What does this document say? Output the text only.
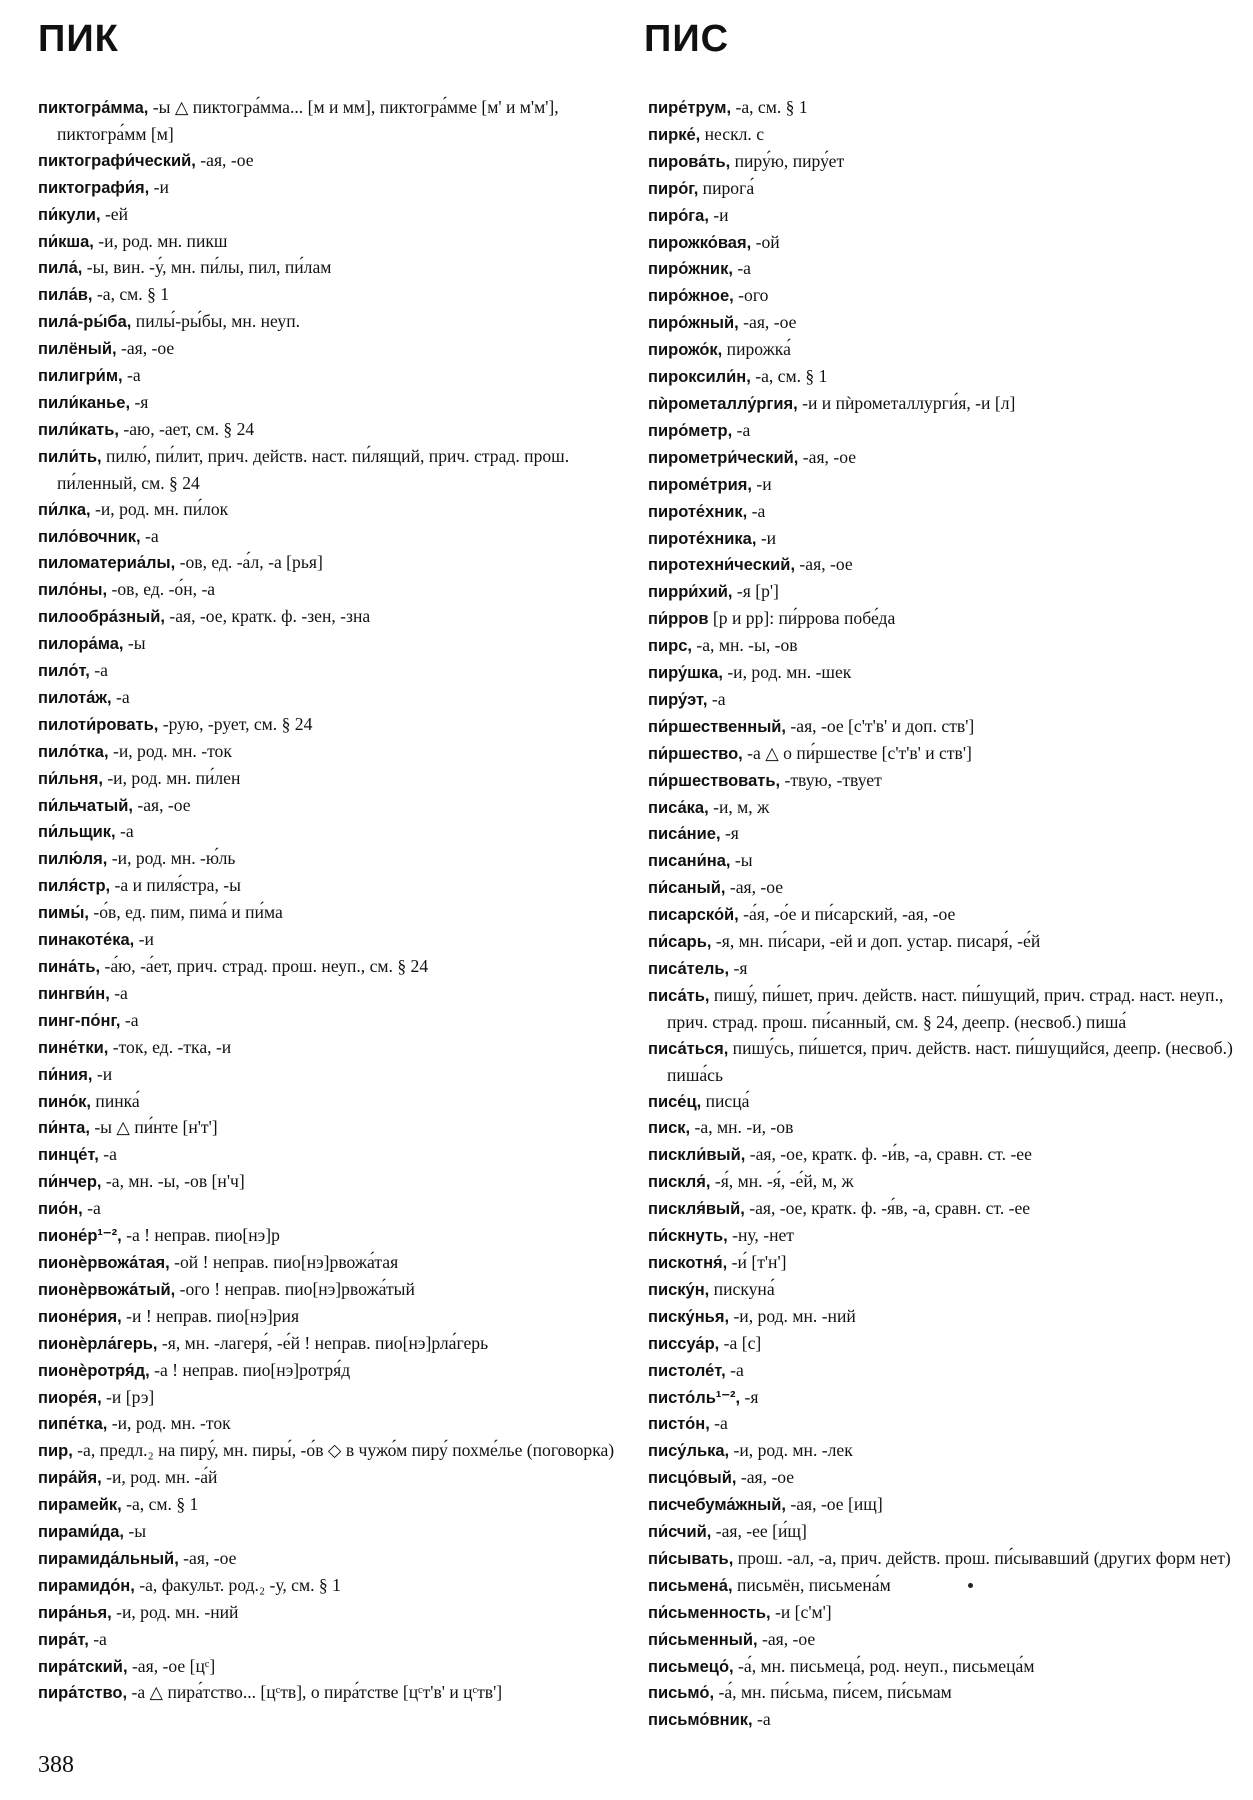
ПИК	ПИС
пиктогра́мма, -ы △ пиктогра́мма... [м и мм], пиктогра́мме [м' и м'м'], пиктогра́мм [м]
пиктографи́ческий, -ая, -ое
пиктографи́я, -и
пи́кули, -ей
пи́кша, -и, род. мн. пикш
пила́, -ы, вин. -у́, мн. пи́лы, пил, пи́лам
пила́в, -а, см. § 1
пила́-ры́ба, пилы́-ры́бы, мн. неуп.
пилёный, -ая, -ое
пилигри́м, -а
пили́канье, -я
пили́кать, -аю, -ает, см. § 24
пили́ть, пилю́, пи́лит, прич. действ. наст. пи́лящий, прич. страд. прош. пи́ленный, см. § 24
пи́лка, -и, род. мн. пи́лок
пило́вочник, -а
пиломатериа́лы, -ов, ед. -а́л, -а [рья]
пило́ны, -ов, ед. -о́н, -а
пилообра́зный, -ая, -ое, кратк. ф. -зен, -зна
пилора́ма, -ы
пило́т, -а
пилота́ж, -а
пилоти́ровать, -рую, -рует, см. § 24
пило́тка, -и, род. мн. -ток
пи́льня, -и, род. мн. пи́лен
пи́льчатый, -ая, -ое
пи́льщик, -а
пилю́ля, -и, род. мн. -ю́ль
пиля́стр, -а и пиля́стра, -ы
пимы́, -о́в, ед. пим, пима́ и пи́ма
пинакоте́ка, -и
пина́ть, -а́ю, -а́ет, прич. страд. прош. неуп., см. § 24
пингви́н, -а
пинг-по́нг, -а
пине́тки, -ток, ед. -тка, -и
пи́ния, -и
пино́к, пинка́
пи́нта, -ы △ пи́нте [н'т']
пинце́т, -а
пи́нчер, -а, мн. -ы, -ов [н'ч]
пио́н, -а
пионе́р¹⁻², -а ! неправ. пио[нэ]р
пионѐрвожа́тая, -ой ! неправ. пио[нэ]рвожа́тая
пионѐрвожа́тый, -ого ! неправ. пио[нэ]рвожа́тый
пионе́рия, -и ! неправ. пио[нэ]рия
пионѐрла́герь, -я, мн. -лагеря́, -е́й ! неправ. пио[нэ]рла́герь
пионѐротря́д, -а ! неправ. пио[нэ]ротря́д
пиоре́я, -и [рэ]
пипе́тка, -и, род. мн. -ток
пир, -а, предл.₂ на пиру́, мн. пиры́, -о́в ◇ в чужо́м пиру́ похме́лье (поговорка)
пира́йя, -и, род. мн. -а́й
пирамейк, -а, см. § 1
пирами́да, -ы
пирамида́льный, -ая, -ое
пирамидо́н, -а, факульт. род.₂ -у, см. § 1
пира́нья, -и, род. мн. -ний
пира́т, -а
пира́тский, -ая, -ое [цᶜ]
пира́тство, -а △ пира́тство... [цᶜтв], о пира́тстве [цᶜт'в' и цᶜтв']
пире́трум, -а, см. § 1
пирке́, нескл. с
пирова́ть, пиру́ю, пиру́ет
пиро́г, пирога́
пиро́га, -и
пирожко́вая, -ой
пиро́жник, -а
пиро́жное, -ого
пиро́жный, -ая, -ое
пирожо́к, пирожка́
пироксили́н, -а, см. § 1
пѝрометаллу́ргия, -и и пѝрометаллурги́я, -и [л]
пиро́метр, -а
пирометри́ческий, -ая, -ое
пироме́трия, -и
пироте́хник, -а
пироте́хника, -и
пиротехни́ческий, -ая, -ое
пирри́хий, -я [р']
пи́рров [р и рр]: пи́ррова побе́да
пирс, -а, мн. -ы, -ов
пиру́шка, -и, род. мн. -шек
пиру́эт, -а
пи́ршественный, -ая, -ое [с'т'в' и доп. ств']
пи́ршество, -а △ о пи́ршестве [с'т'в' и ств']
пи́ршествовать, -твую, -твует
писа́ка, -и, м, ж
писа́ние, -я
писани́на, -ы
пи́саный, -ая, -ое
писарско́й, -а́я, -о́е и пи́сарский, -ая, -ое
пи́сарь, -я, мн. пи́сари, -ей и доп. устар. писаря́, -е́й
писа́тель, -я
писа́ть, пишу́, пи́шет, прич. действ. наст. пи́шущий, прич. страд. наст. неуп., прич. страд. прош. пи́санный, см. § 24, деепр. (несвоб.) пиша́
писа́ться, пишу́сь, пи́шется, прич. действ. наст. пи́шущийся, деепр. (несвоб.) пиша́сь
писе́ц, писца́
писк, -а, мн. -и, -ов
пискли́вый, -ая, -ое, кратк. ф. -и́в, -а, сравн. ст. -ее
пискля́, -я́, мн. -я́, -е́й, м, ж
пискля́вый, -ая, -ое, кратк. ф. -я́в, -а, сравн. ст. -ее
пи́скнуть, -ну, -нет
пискотня́, -и́ [т'н']
писку́н, пискуна́
писку́нья, -и, род. мн. -ний
писсуа́р, -а [с]
пистоле́т, -а
писто́ль¹⁻², -я
писто́н, -а
пису́лька, -и, род. мн. -лек
писцо́вый, -ая, -ое
писчебума́жный, -ая, -ое [ищ]
пи́счий, -ая, -ее [и́щ]
пи́сывать, прош. -ал, -а, прич. действ. прош. пи́сывавший (других форм нет)
письмена́, письмён, письмена́м
пи́сьменность, -и [с'м']
пи́сьменный, -ая, -ое
письмецо́, -а́, мн. письмеца́, род. неуп., письмеца́м
письмо́, -а́, мн. пи́сьма, пи́сем, пи́сьмам
письмо́вник, -а
388
